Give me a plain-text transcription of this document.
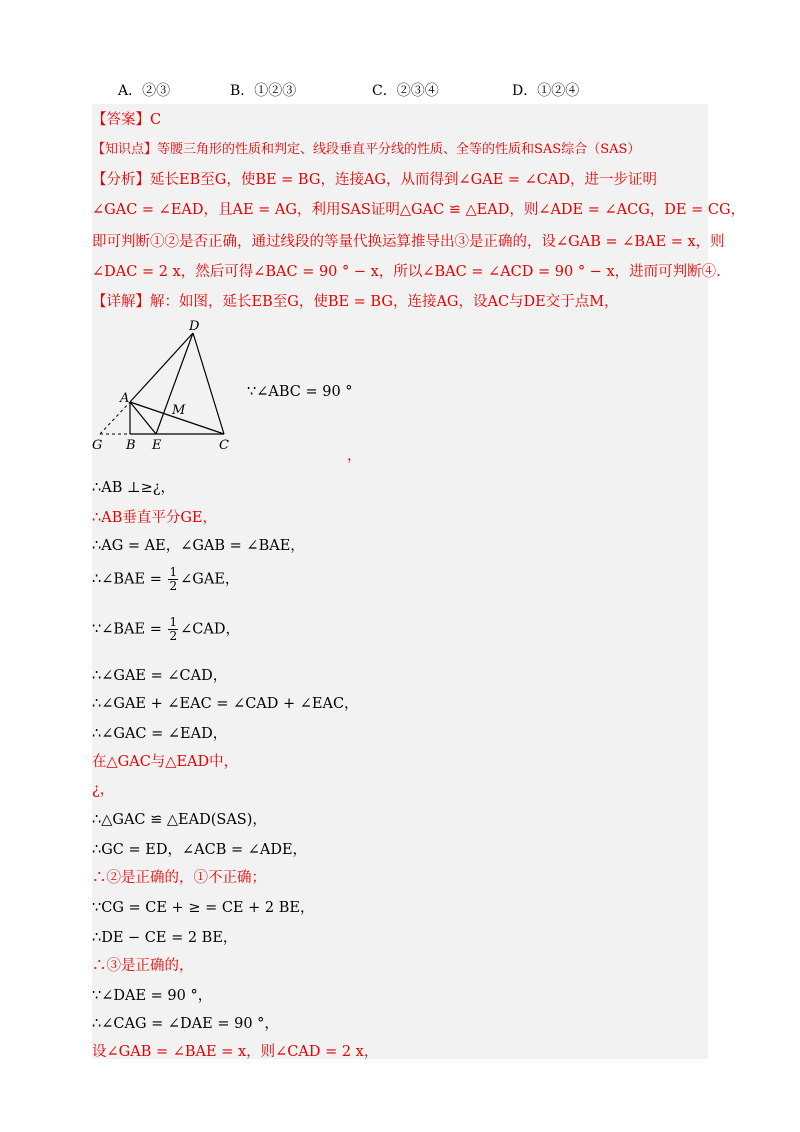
A．②③	B．①②③	C．②③④	D．①②④
【答案】C
【知识点】等腰三角形的性质和判定、线段垂直平分线的性质、全等的性质和SAS综合（SAS）
【分析】延长EB至G，使BE = BG，连接AG，从而得到∠GAE = ∠CAD，进一步证明
∠GAC = ∠EAD，且AE = AG，利用SAS证明△GAC ≌ △EAD，则∠ADE = ∠ACG，DE = CG，
即可判断①②是否正确，通过线段的等量代换运算推导出③是正确的，设∠GAB = ∠BAE = x，则
∠DAC = 2 x，然后可得∠BAC = 90 ° − x，所以∠BAC = ∠ACD = 90 ° − x，进而可判断④.
【详解】解：如图，延长EB至G，使BE = BG，连接AG，设AC与DE交于点M，
D
A
M
G B E	C
∵∠ABC = 90 °
，
∴AB ⊥≥¿，
∴AB垂直平分GE，
∴AG = AE，∠GAB = ∠BAE，
∴∠BAE = $\frac{1}{2}$ ∠GAE，
∵∠BAE = $\frac{1}{2}$ ∠CAD，
∴∠GAE = ∠CAD，
∴∠GAE + ∠EAC = ∠CAD + ∠EAC，
∴∠GAC = ∠EAD，
在△GAC与△EAD中，
¿，
∴△GAC ≌ △EAD(SAS)，
∴GC = ED，∠ACB = ∠ADE，
∴②是正确的，①不正确；
∵CG = CE + ≥ = CE + 2 BE，
∴DE − CE = 2 BE，
∴③是正确的，
∵∠DAE = 90 °，
∴∠CAG = ∠DAE = 90 °，
设∠GAB = ∠BAE = x，则∠CAD = 2 x，
